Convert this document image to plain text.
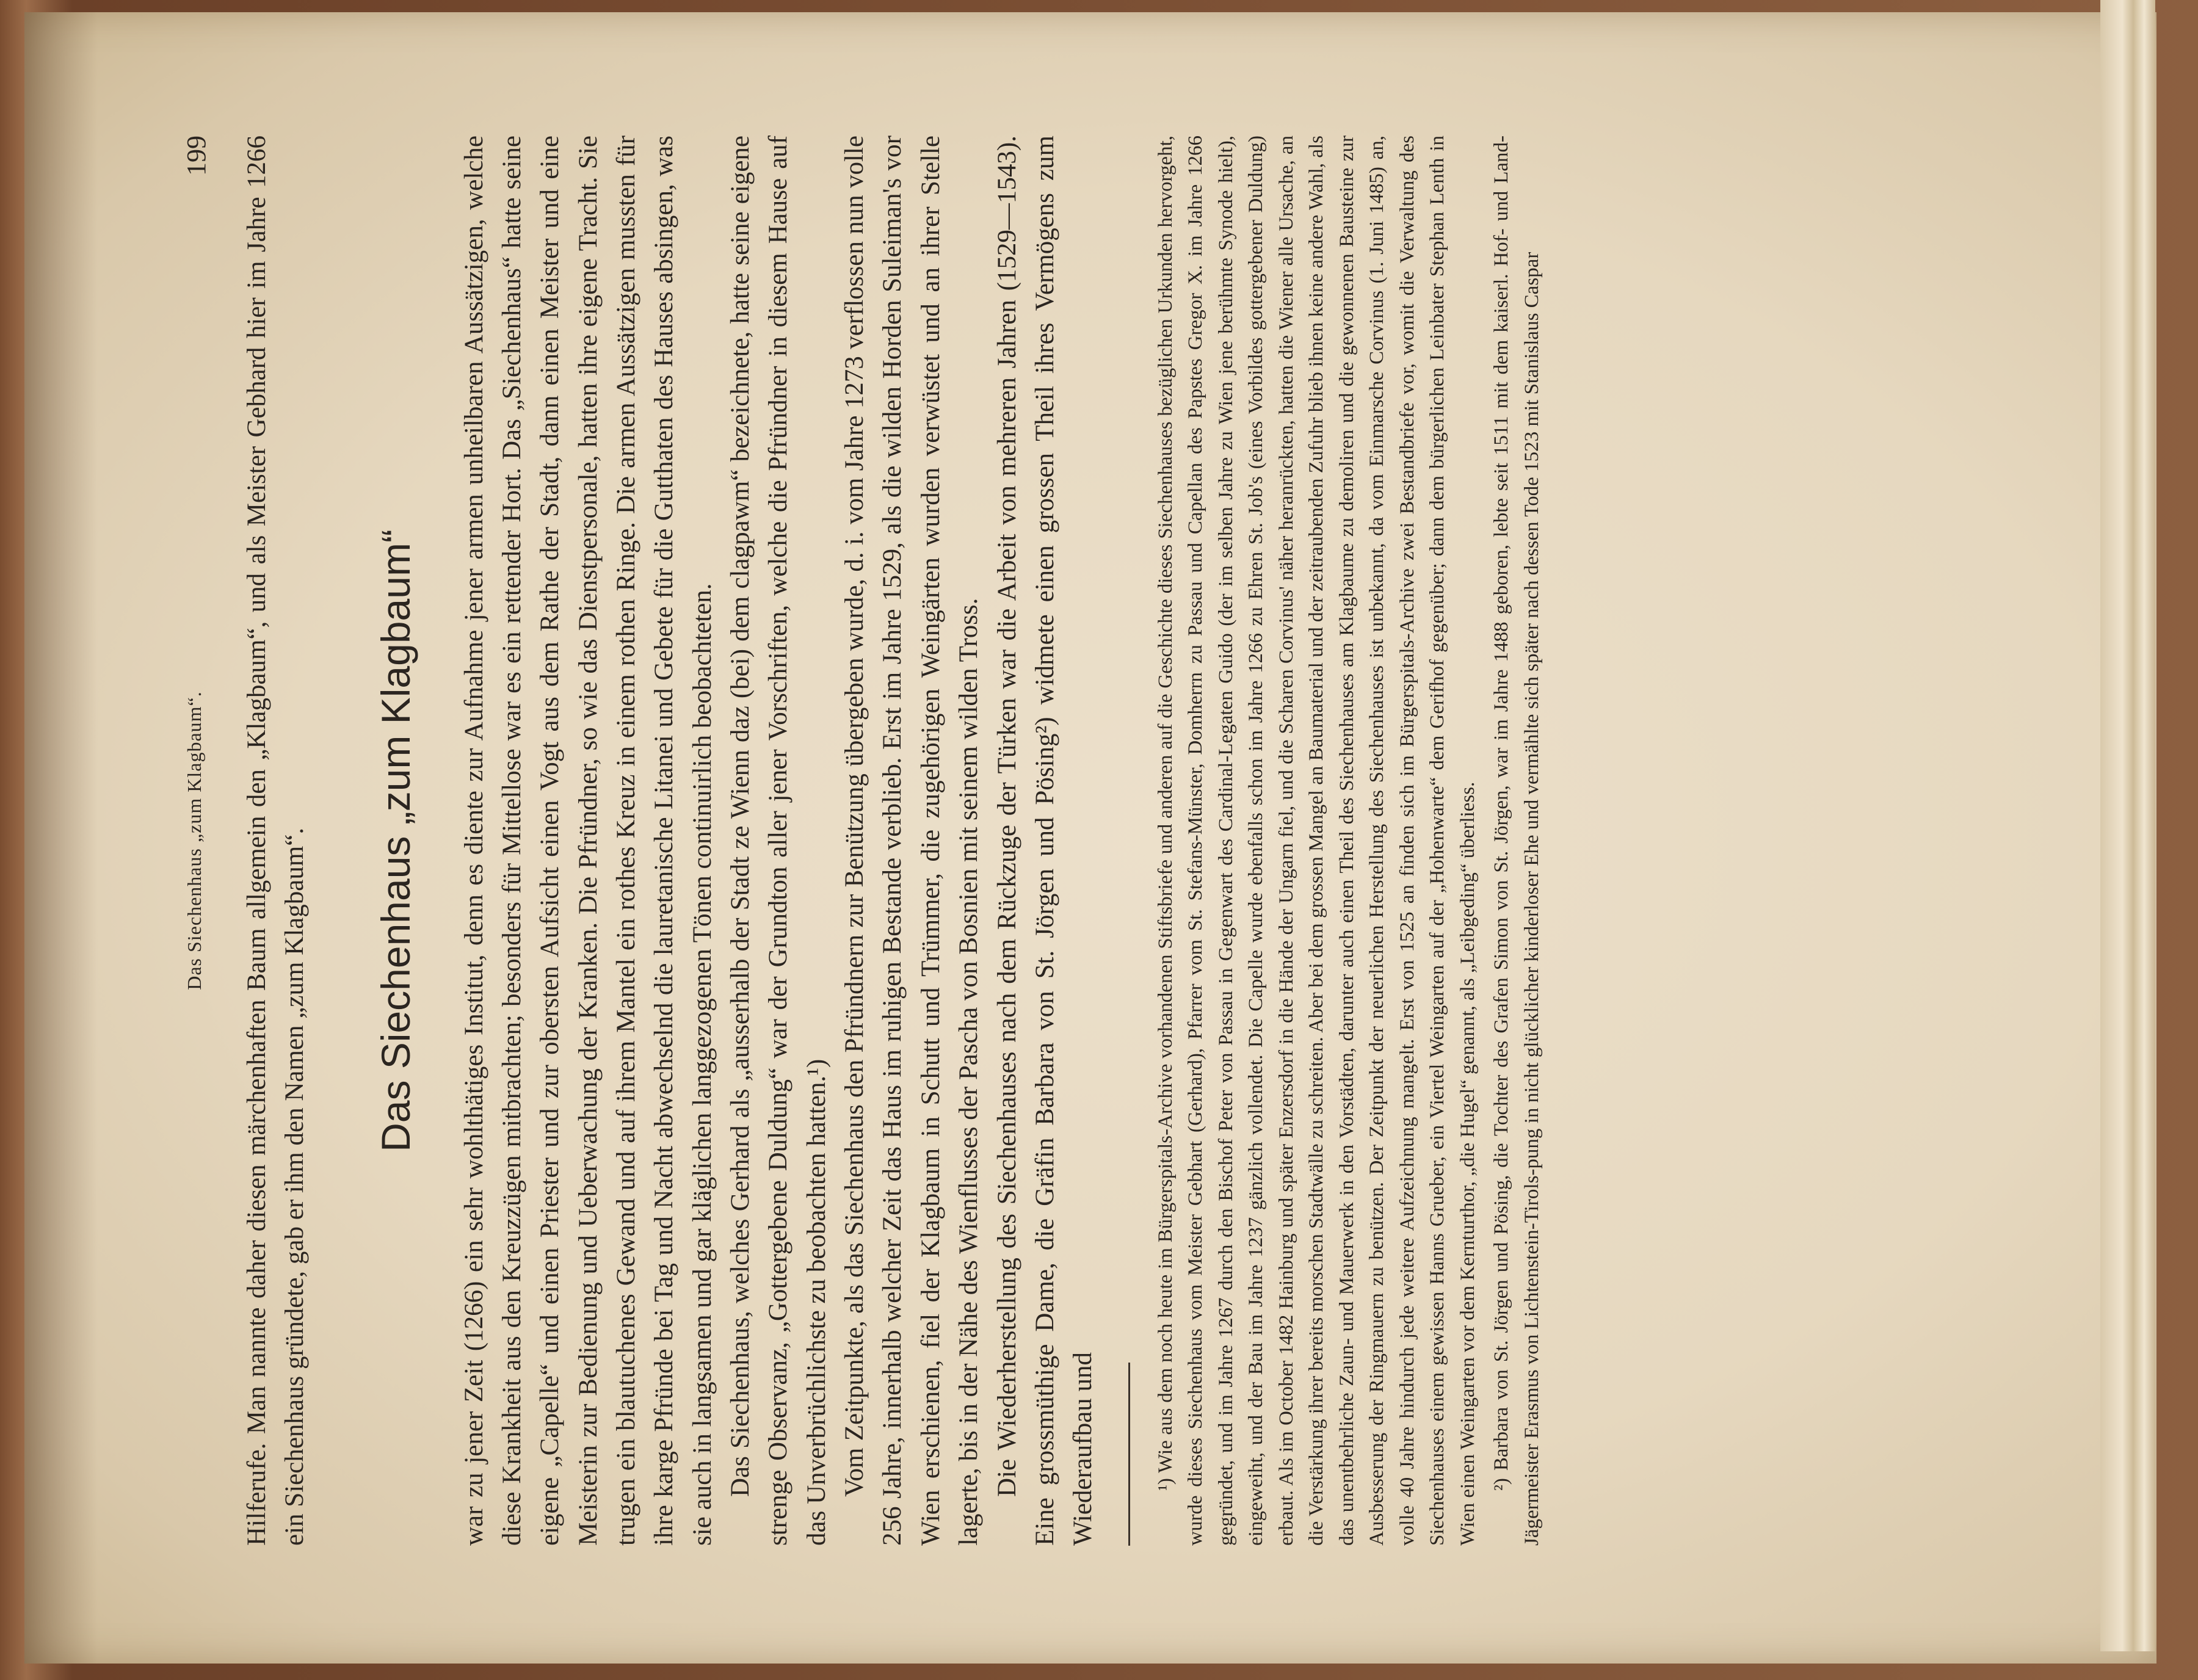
Das Siechenhaus „zum Klagbaum“.
199 Hilferufe. Man nannte daher diesen märchenhaften Baum allgemein den „Klagbaum“, und als Meister Gebhard hier im Jahre 1266 ein Siechenhaus gründete, gab er ihm den Namen „zum Klagbaum“. Das Siechenhaus „zum Klagbaum“ war zu jener Zeit (1266) ein sehr wohlthätiges Institut, denn es diente zur Aufnahme jener armen unheilbaren Aussätzigen, welche diese Krankheit aus den Kreuzzügen mitbrachten; besonders für Mittellose war es ein rettender Hort. Das „Siechenhaus“ hatte seine eigene „Capelle“ und einen Priester und zur obersten Aufsicht einen Vogt aus dem Rathe der Stadt, dann einen Meister und eine Meisterin zur Bedienung und Ueberwachung der Kranken. Die Pfründner, so wie das Dienstpersonale, hatten ihre eigene Tracht. Sie trugen ein blautuchenes Gewand und auf ihrem Mantel ein rothes Kreuz in einem rothen Ringe. Die armen Aussätzigen mussten für ihre karge Pfründe bei Tag und Nacht abwechselnd die lauretanische Litanei und Gebete für die Gutthaten des Hauses absingen, was sie auch in langsamen und gar kläglichen langgezogenen Tönen continuirlich beobachteten. Das Siechenhaus, welches Gerhard als „ausserhalb der Stadt ze Wienn daz (bei) dem clagpawm“ bezeichnete, hatte seine eigene strenge Observanz, „Gottergebene Duldung“ war der Grundton aller jener Vorschriften, welche die Pfründner in diesem Hause auf das Unverbrüchlichste zu beobachten hatten.¹) Vom Zeitpunkte, als das Siechenhaus den Pfründnern zur Benützung übergeben wurde, d. i. vom Jahre 1273 verflossen nun volle 256 Jahre, innerhalb welcher Zeit das Haus im ruhigen Bestande verblieb. Erst im Jahre 1529, als die wilden Horden Suleiman's vor Wien erschienen, fiel der Klagbaum in Schutt und Trümmer, die zugehörigen Weingärten wurden verwüstet und an ihrer Stelle lagerte, bis in der Nähe des Wienflusses der Pascha von Bosnien mit seinem wilden Tross. Die Wiederherstellung des Siechenhauses nach dem Rückzuge der Türken war die Arbeit von mehreren Jahren (1529—1543). Eine grossmüthige Dame, die Gräfin Barbara von St. Jörgen und Pösing²) widmete einen grossen Theil ihres Vermögens zum Wiederaufbau und	¹) Wie aus dem noch heute im Bürgerspitals-Archive vorhandenen Stiftsbriefe und anderen auf die Geschichte dieses Siechenhauses bezüglichen Urkunden hervorgeht, wurde dieses Siechenhaus vom Meister Gebhart (Gerhard), Pfarrer vom St. Stefans-Münster, Domherrn zu Passau und Capellan des Papstes Gregor X. im Jahre 1266 gegründet, und im Jahre 1267 durch den Bischof Peter von Passau in Gegenwart des Cardinal-Legaten Guido (der im selben Jahre zu Wien jene berühmte Synode hielt), eingeweiht, und der Bau im Jahre 1237 gänzlich vollendet. Die Capelle wurde ebenfalls schon im Jahre 1266 zu Ehren St. Job's (eines Vorbildes gottergebener Duldung) erbaut. Als im October 1482 Hainburg und später Enzersdorf in die Hände der Ungarn fiel, und die Scharen Corvinus' näher heranrückten, hatten die Wiener alle Ursache, an die Verstärkung ihrer bereits morschen Stadtwälle zu schreiten. Aber bei dem grossen Mangel an Baumaterial und der zeitraubenden Zufuhr blieb ihnen keine andere Wahl, als das unentbehrliche Zaun- und Mauerwerk in den Vorstädten, darunter auch einen Theil des Siechenhauses am Klagbaume zu demoliren und die gewonnenen Bausteine zur Ausbesserung der Ringmauern zu benützen. Der Zeitpunkt der neuerlichen Herstellung des Siechenhauses ist unbekannt, da vom Einmarsche Corvinus (1. Juni 1485) an, volle 40 Jahre hindurch jede weitere Aufzeichnung mangelt. Erst von 1525 an finden sich im Bürgerspitals-Archive zwei Bestandbriefe vor, womit die Verwaltung des Siechenhauses einem gewissen Hanns Grueber, ein Viertel Weingarten auf der „Hohenwarte“ dem Gerifhof gegenüber; dann dem bürgerlichen Leinbater Stephan Lenth in Wien einen Weingarten vor dem Kernturthor, „die Hugel“ genannt, als „Leibgeding“ überliess. ²) Barbara von St. Jörgen und Pösing, die Tochter des Grafen Simon von St. Jörgen, war im Jahre 1488 geboren, lebte seit 1511 mit dem kaiserl. Hof- und Land-Jägermeister Erasmus von Lichtenstein-Tirols-pung in nicht glücklicher kinderloser Ehe und vermählte sich später nach dessen Tode 1523 mit Stanislaus Caspar
